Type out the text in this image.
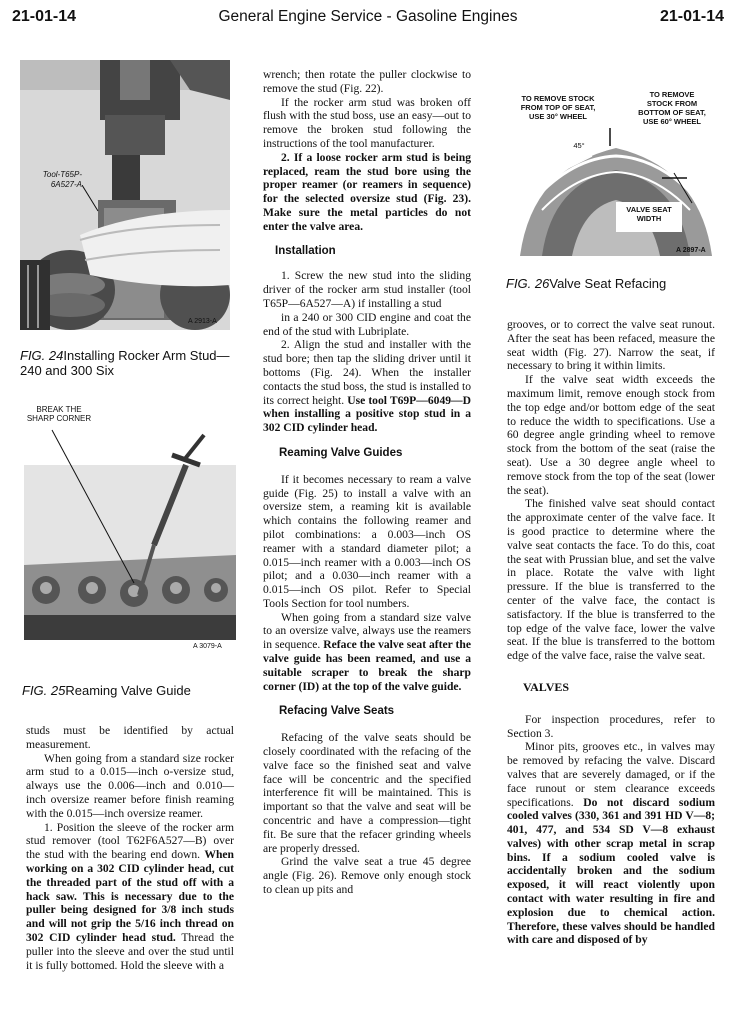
21-01-14	General Engine Service - Gasoline Engines	21-01-14
Tool-T65P-
6A527-A
A 2913-A
FIG. 24Installing Rocker Arm Stud—240 and 300 Six
BREAK THE
SHARP CORNER
A 3079-A
FIG. 25Reaming Valve Guide

studs must be identified by actual measurement.

When going from a standard size rocker arm stud to a 0.015—inch o-versize stud, always use the 0.006—inch and 0.010—inch oversize reamer before finish reaming with the 0.015—inch oversize reamer.

1. Position the sleeve of the rocker arm stud remover (tool T62F6A527—B) over the stud with the bearing end down. When working on a 302 CID cylinder head, cut the threaded part of the stud off with a hack saw. This is necessary due to the puller being designed for 3/8 inch studs and will not grip the 5/16 inch thread on 302 CID cylinder head stud. Thread the puller into the sleeve and over the stud until it is fully bottomed. Hold the sleeve with a

wrench; then rotate the puller clockwise to remove the stud (Fig. 22).

If the rocker arm stud was broken off flush with the stud boss, use an easy—out to remove the broken stud following the instructions of the tool manufacturer.

2. If a loose rocker arm stud is being replaced, ream the stud bore using the proper reamer (or reamers in sequence) for the selected oversize stud (Fig. 23). Make sure the metal particles do not enter the valve area.

Installation

1. Screw the new stud into the sliding driver of the rocker arm stud installer (tool T65P—6A527—A) if installing a stud

in a 240 or 300 CID engine and coat the end of the stud with Lubriplate.

2. Align the stud and installer with the stud bore; then tap the sliding driver until it bottoms (Fig. 24). When the installer contacts the stud boss, the stud is installed to its correct height. Use tool T69P—6049—D when installing a positive stop stud in a 302 CID cylinder head.

Reaming Valve Guides

If it becomes necessary to ream a valve guide (Fig. 25) to install a valve with an oversize stem, a reaming kit is available which contains the following reamer and pilot combinations: a 0.003—inch OS reamer with a standard diameter pilot; a 0.015—inch reamer with a 0.003—inch OS pilot; and a 0.030—inch reamer with a 0.015—inch OS pilot. Refer to Special Tools Section for tool numbers.

When going from a standard size valve to an oversize valve, always use the reamers in sequence. Reface the valve seat after the valve guide has been reamed, and use a suitable scraper to break the sharp corner (ID) at the top of the valve guide.

Refacing Valve Seats

Refacing of the valve seats should be closely coordinated with the refacing of the valve face so the finished seat and valve face will be concentric and the specified interference fit will be maintained. This is important so that the valve and seat will be concentric and have a compression—tight fit. Be sure that the refacer grinding wheels are properly dressed.

Grind the valve seat a true 45 degree angle (Fig. 26). Remove only enough stock to clean up pits and

TO REMOVE STOCK
FROM TOP OF SEAT,
USE 30° WHEEL
TO REMOVE
STOCK FROM
BOTTOM OF SEAT,
USE 60° WHEEL
45°
VALVE SEAT
WIDTH
A 2897-A
FIG. 26Valve Seat Refacing

grooves, or to correct the valve seat runout. After the seat has been refaced, measure the seat width (Fig. 27). Narrow the seat, if necessary to bring it within limits.

If the valve seat width exceeds the maximum limit, remove enough stock from the top edge and/or bottom edge of the seat to reduce the width to specifications. Use a 60 degree angle grinding wheel to remove stock from the bottom of the seat (raise the seat). Use a 30 degree angle wheel to remove stock from the top of the seat (lower the seat).

The finished valve seat should contact the approximate center of the valve face. It is good practice to determine where the valve seat contacts the face. To do this, coat the seat with Prussian blue, and set the valve in place. Rotate the valve with light pressure. If the blue is transferred to the center of the valve face, the contact is satisfactory. If the blue is transferred to the top edge of the valve face, lower the valve seat. If the blue is transferred to the bottom edge of the valve face, raise the valve seat.

VALVES

For inspection procedures, refer to Section 3.

Minor pits, grooves etc., in valves may be removed by refacing the valve. Discard valves that are severely damaged, or if the face runout or stem clearance exceeds specifications. Do not discard sodium cooled valves (330, 361 and 391 HD V—8; 401, 477, and 534 SD V—8 exhaust valves) with other scrap metal in scrap bins. If a sodium cooled valve is accidentally broken and the sodium exposed, it will react violently upon contact with water resulting in fire and explosion due to chemical action. Therefore, these valves should be handled with care and disposed of by
